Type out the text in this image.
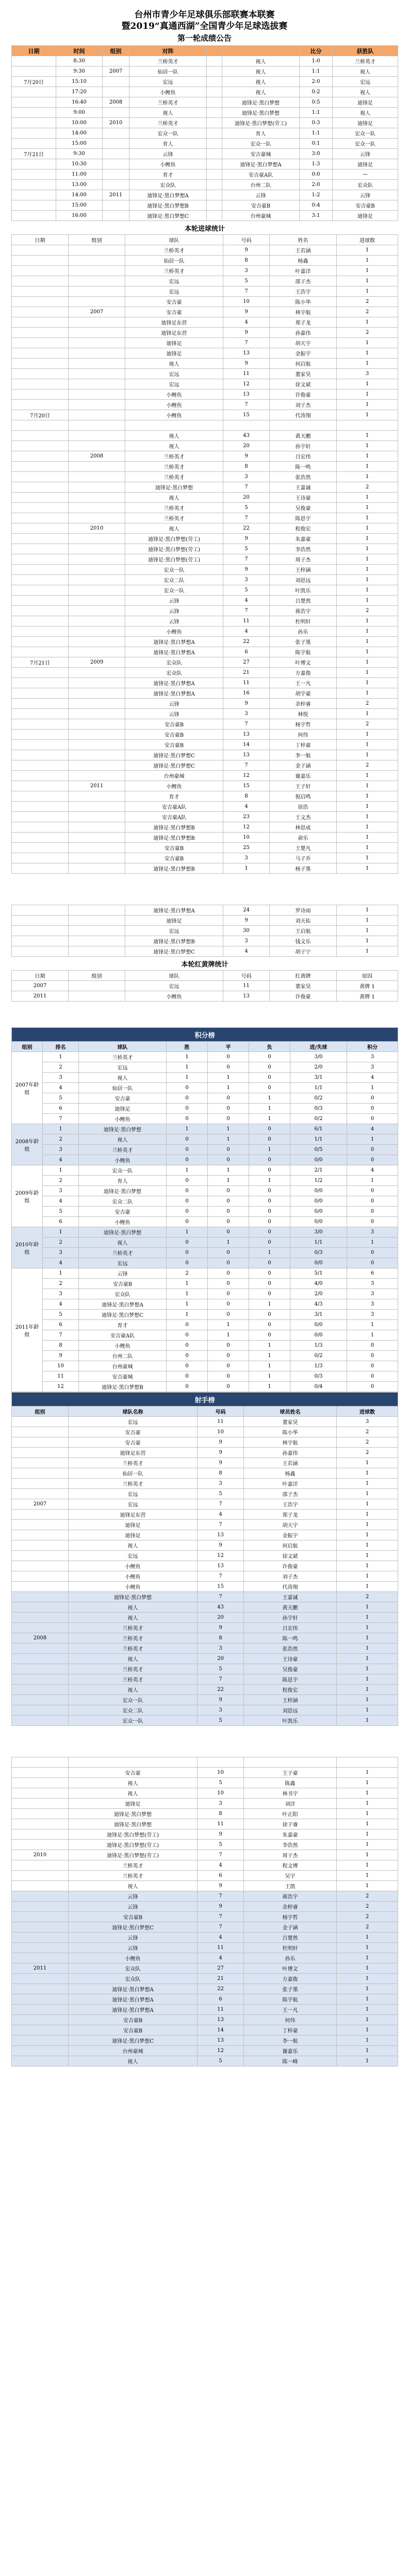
台州市青少年足球俱乐部联赛本联赛
暨2019“真通西湖”全国青少年足球选拔赛
第一轮成绩公告
日期	时间	组别	对阵			比分	获胜队
	8:30		兰桥英才		视人	1:0	兰桥英才
	9:30	2007	仙居一队		视人	1:1	视人
7月20日	15:10		宏远		视人	2:0	宏远
	17:20		小鲤鱼		视人	0:2	视人
	16:40	2008	兰桥英才		迪锋足·黑白梦想	0:5	迪锋足
	9:00		视人		迪锋足·黑白梦想	1:1	视人
	10:00	2010	兰桥英才		迪锋足·黑白梦想(劳工)	0:3	迪锋足
	14:00		宏众一队		育人	1:1	宏众一队
	15:00		育人		宏众一队	0:1	宏众一队
7月21日	9:30		云锋		安吉豪城	3:0	云锋
	10:30		小鲤鱼		迪锋足·黑白梦想A	1:3	迪锋足
	11:00		育才		安吉豪A队	0:0	—
	13:00		宏众队		台州二队	2:0	宏众队
	14:00	2011	迪锋足·黑白梦想A		云锋	1:2	云锋
	15:00		迪锋足·黑白梦想B		安吉豪B	0:4	安吉豪B
	16:00		迪锋足·黑白梦想C		台州豪城	3:1	迪锋足
本轮进球统计					
日期	组别	球队	号码	姓名	进球数
		兰桥英才	9	王若涵	1
		仙居一队	8	杨鑫	1
		兰桥英才	3	叶嘉洋	1
		宏远	5	邵子杰	1
		宏远	7	王浩宇	1
		安吉豪	10	陈小华	2
	2007	安吉豪	9	林宇航	2
		迪锋足东营	4	郑子龙	1
		迪锋足东营	9	孙嘉伟	2
		迪锋足	7	胡天宇	1
		迪锋足	13	金振宇	1
		视人	9	何启航	1
		宏远	11	董家昊	3
		宏远	12	徐文斌	1
		小鲤鱼	13	许俊豪	1
		小鲤鱼	7	刘子杰	1
7月20日		小鲤鱼	15	代涛翔	1

		视人	43	黄天鹏	1
		视人	20	孙宇轩	1
	2008	兰桥英才	9	吕宏伟	1
		兰桥英才	8	陈一鸣	1
		兰桥英才	3	张浩然	1
		迪锋足·黑白梦想	7	王嘉诚	2
		视人	20	王诗豪	1
		兰桥英才	5	吴俊豪	1
		兰桥英才	7	陈思宇	1
	2010	视人	22	程俊宏	1
		迪锋足·黑白梦想(劳工)	9	朱嘉豪	1
		迪锋足·黑白梦想(劳工)	5	李浩然	1
		迪锋足·黑白梦想(劳工)	7	周子杰	1
		宏众一队	9	王梓涵	1
		宏众二队	3	刘思远	1
		宏众一队	5	叶凯乐	1
		云锋	4	吕楚然	1
		云锋	7	蒋浩宇	2
		云锋	11	杜明轩	1
		小鲤鱼	4	孙乐	1
		迪锋足·黑白梦想A	22	张子墨	1
		迪锋足·黑白梦想A	6	陈宇航	1
7月21日	2009	宏众队	27	叶博文	1
		宏众队	21	方嘉俊	1
		迪锋足·黑白梦想A	11	王一凡	1
		迪锋足·黑白梦想A	16	胡宇豪	1
		云锋	9	余梓睿	2
		云锋	3	林悦	1
		安吉豪B	7	杨宇哲	2
		安吉豪B	13	何伟	1
		安吉豪B	14	丁梓豪	1
		迪锋足·黑白梦想C	13	李一航	1
		迪锋足·黑白梦想C	7	金子涵	2
		台州豪城	12	谢嘉乐	1
	2011	小鲤鱼	15	王子轩	1
		育才	8	倪启鸣	1
		安吉豪A队	4	徐浩	1
		安吉豪A队	23	王文杰	1
		迪锋足·黑白梦想B	12	林思成	1
		迪锋足·黑白梦想B	10	俞乐	1
		安吉豪B	25	王楚凡	1
		安吉豪B	3	马子乔	1
		迪锋足·黑白梦想B	1	杨子墨	1
		迪锋足·黑白梦想A	24	罗诗雨	1
		迪锋足	9	刘天佑	1
		宏远	30	王启航	1
		迪锋足·黑白梦想B	3	钱文乐	1
		迪锋足·黑白梦想C	4	胡子宁	1
本轮红黄牌统计					
日期	组别	球队	号码	红黄牌	原因
2007		宏远	11	董家昊	黄牌 1
2011		小鲤鱼	13	许俊豪	黄牌 1
积分榜							
组别	排名	球队	胜	平	负	进/失球	积分
2007年龄组	1	兰桥英才	1	0	0	3/0	3
	2	宏远	1	0	0	2/0	3
	3	视人	1	1	0	3/1	4
	4	仙居一队	0	1	0	1/1	1
	5	安吉豪	0	0	1	0/2	0
	6	迪锋足	0	0	1	0/3	0
	7	小鲤鱼	0	0	1	0/2	0
2008年龄组	1	迪锋足·黑白梦想	1	1	0	6/1	4
	2	视人	0	1	0	1/1	1
	3	兰桥英才	0	0	1	0/5	0
	4	小鲤鱼	0	0	0	0/0	0
2009年龄组	1	宏众一队	1	1	0	2/1	4
	2	育人	0	1	1	1/2	1
	3	迪锋足·黑白梦想	0	0	0	0/0	0
	4	宏众二队	0	0	0	0/0	0
	5	安吉豪	0	0	0	0/0	0
	6	小鲤鱼	0	0	0	0/0	0
2010年龄组	1	迪锋足·黑白梦想	1	0	0	3/0	3
	2	视人	0	1	0	1/1	1
	3	兰桥英才	0	0	1	0/3	0
	4	宏远	0	0	0	0/0	0
2011年龄组	1	云锋	2	0	0	5/1	6
	2	安吉豪B	1	0	0	4/0	3
	3	宏众队	1	0	0	2/0	3
	4	迪锋足·黑白梦想A	1	0	1	4/3	3
	5	迪锋足·黑白梦想C	1	0	0	3/1	3
	6	育才	0	1	0	0/0	1
	7	安吉豪A队	0	1	0	0/0	1
	8	小鲤鱼	0	0	1	1/3	0
	9	台州二队	0	0	1	0/2	0
	10	台州豪城	0	0	1	1/3	0
	11	安吉豪城	0	0	1	0/3	0
	12	迪锋足·黑白梦想B	0	0	1	0/4	0
射手榜				
组别	球队名称	号码	球员姓名	进球数
	宏远	11	董家昊	3
	安吉豪	10	陈小华	2
	安吉豪	9	林宇航	2
	迪锋足东营	9	孙嘉伟	2
	兰桥英才	9	王若涵	1
	仙居一队	8	杨鑫	1
	兰桥英才	3	叶嘉洋	1
	宏远	5	邵子杰	1
2007	宏远	7	王浩宇	1
	迪锋足东营	4	郑子龙	1
	迪锋足	7	胡天宇	1
	迪锋足	13	金振宇	1
	视人	9	何启航	1
	宏远	12	徐文斌	1
	小鲤鱼	13	许俊豪	1
	小鲤鱼	7	刘子杰	1
	小鲤鱼	15	代涛翔	1
	迪锋足·黑白梦想	7	王嘉诚	2
	视人	43	黄天鹏	1
	视人	20	孙宇轩	1
	兰桥英才	9	吕宏伟	1
2008	兰桥英才	8	陈一鸣	1
	兰桥英才	3	张浩然	1
	视人	20	王诗豪	1
	兰桥英才	5	吴俊豪	1
	兰桥英才	7	陈思宇	1
	视人	22	程俊宏	1
	宏众一队	9	王梓涵	1
	宏众二队	3	刘思远	1
	宏众一队	5	叶凯乐	1

	安吉豪	10	王子豪	1
	视人	5	陈鑫	1
	视人	10	林书宇	1
	迪锋足	3	刘洋	1
	迪锋足·黑白梦想	8	叶正阳	1
	迪锋足·黑白梦想	11	徐子睿	1
	迪锋足·黑白梦想(劳工)	9	朱嘉豪	1
	迪锋足·黑白梦想(劳工)	5	李浩然	1
2010	迪锋足·黑白梦想(劳工)	7	周子杰	1
	兰桥英才	4	程文博	1
	兰桥英才	6	吴宇	1
	视人	9	王凯	1
	云锋	7	蒋浩宇	2
	云锋	9	余梓睿	2
	安吉豪B	7	杨宇哲	2
	迪锋足·黑白梦想C	7	金子涵	2
	云锋	4	吕楚然	1
	云锋	11	杜明轩	1
	小鲤鱼	4	孙乐	1
2011	宏众队	27	叶博文	1
	宏众队	21	方嘉俊	1
	迪锋足·黑白梦想A	22	张子墨	1
	迪锋足·黑白梦想A	6	陈宇航	1
	迪锋足·黑白梦想A	11	王一凡	1
	安吉豪B	13	何伟	1
	安吉豪B	14	丁梓豪	1
	迪锋足·黑白梦想C	13	李一航	1
	台州豪城	12	谢嘉乐	1
	视人	5	陈一峰	1
